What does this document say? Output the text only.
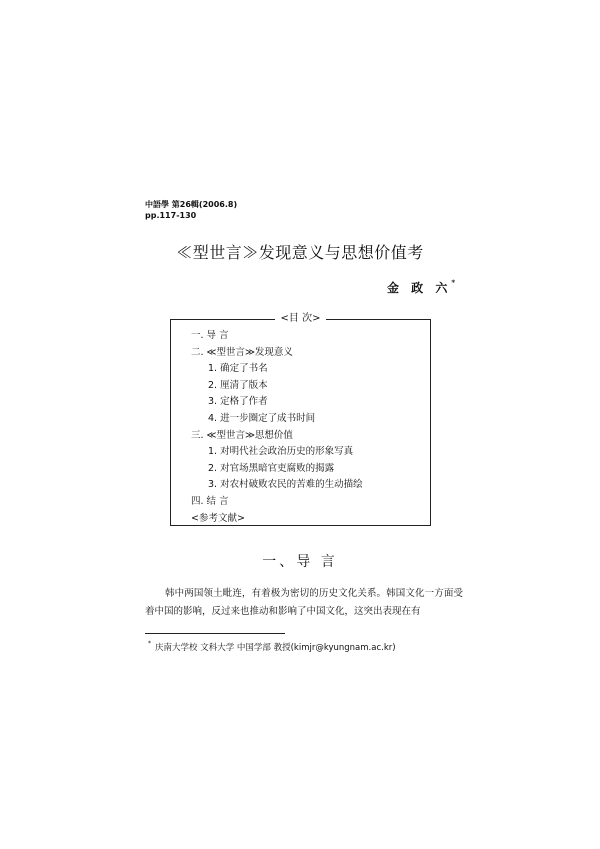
中語學 第26輯(2006.8)
pp.117-130
≪型世言≫发现意义与思想价值考
金 政 六*
<目 次>
一. 导 言
二. ≪型世言≫发现意义
1. 确定了书名
2. 厘清了版本
3. 定格了作者
4. 进一步圈定了成书时间
三. ≪型世言≫思想价值
1. 对明代社会政治历史的形象写真
2. 对官场黑暗官吏腐败的揭露
3. 对农村破败农民的苦难的生动描绘
四. 结 言
<参考文献>
一、导 言

韩中两国领土毗连，有着极为密切的历史文化关系。韩国文化一方面受着中国的影响，反过来也推动和影响了中国文化，这突出表现在有

* 庆南大学校 文科大学 中国学部 教授(kimjr@kyungnam.ac.kr)
